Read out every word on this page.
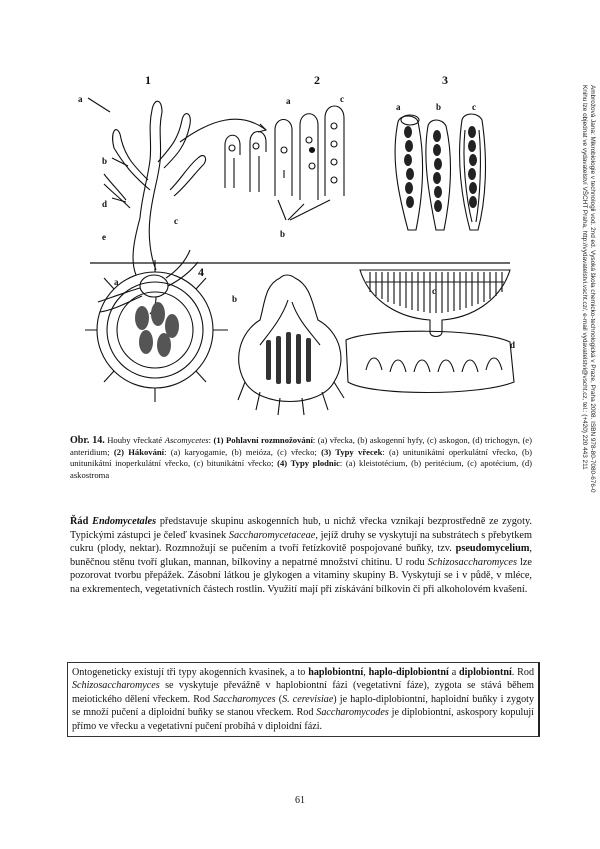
Ambrožová Jana: Mikrobiologie v technologii vod. 2nd ed. Vysoká škola chemicko-technologická v Praze, Praha 2008. ISBN 978-80-7080-676-0
Knihu lze objednat ve vydavatelství VŠCHT Praha, http://vydavatelstvi.vscht.cz/, e-mail vydavatelstvi@vscht.cz, tel.: (+420) 220 443 211
1	2	3
4
a
b
d
c
e
a	c
b
a	b	c
a
b
c
d
Obr. 14. Houby vřeckaté Ascomycetes: (1) Pohlavní rozmnožování: (a) vřecka, (b) askogenní hyfy, (c) askogon, (d) trichogyn, (e) anteridium; (2) Hákování: (a) karyogamie, (b) meióza, (c) vřecko; (3) Typy vřecek: (a) unitunikátní operkulátní vřecko, (b) unitunikátní inoperkulátní vřecko, (c) bitunikátní vřecko; (4) Typy plodnic: (a) kleistotécium, (b) peritécium, (c) apotécium, (d) askostroma
Řád Endomycetales představuje skupinu askogenních hub, u nichž vřecka vznikají bezprostředně ze zygoty. Typickými zástupci je čeleď kvasinek Saccharomycetaceae, jejíž druhy se vyskytují na substrátech s přebytkem cukru (plody, nektar). Rozmnožují se pučením a tvoří řetízkovitě pospojované buňky, tzv. pseudomycelium, buněčnou stěnu tvoří glukan, mannan, bílkoviny a nepatrné množství chitinu. U rodu Schizosaccharomyces lze pozorovat tvorbu přepážek. Zásobní látkou je glykogen a vitaminy skupiny B. Vyskytují se i v půdě, v mléce, na exkrementech, vegetativních částech rostlin. Využití mají při získávání bílkovin či při alkoholovém kvašení.
Ontogeneticky existují tři typy akogenních kvasinek, a to haplobiontní, haplo-diplobiontní a diplobiontní. Rod Schizosaccharomyces se vyskytuje převážně v haplobiontní fázi (vegetativní fáze), zygota se stává během meiotického dělení vřeckem. Rod Saccharomyces (S. cerevisiae) je haplo-diplobiontní, haploidní buňky i zygoty se množí pučení a diploidní buňky se stanou vřeckem. Rod Saccharomycodes je diplobiontní, askospory kopulují přímo ve vřecku a vegetativní pučení probíhá v diploidní fázi.
61
